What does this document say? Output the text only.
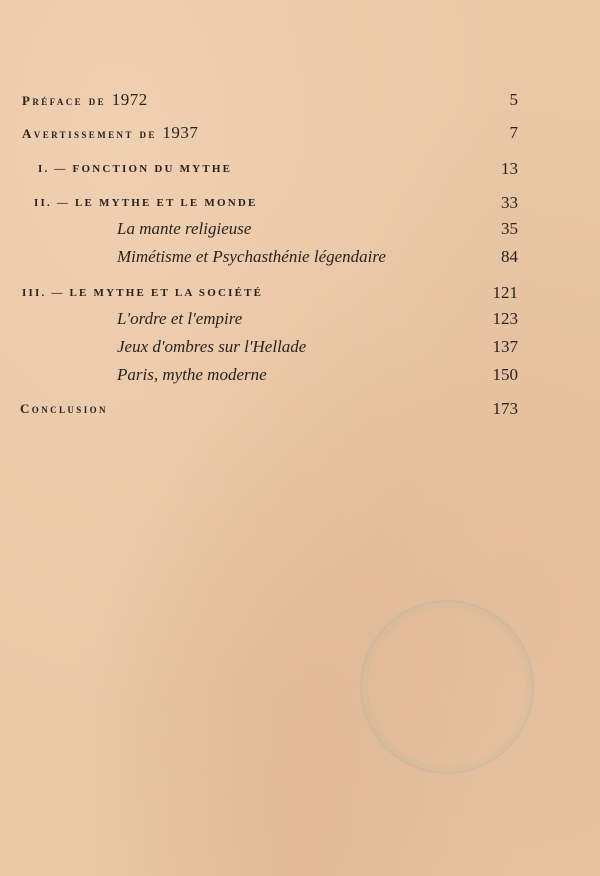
Préface de 1972	5
Avertissement de 1937	7
I. — FONCTION DU MYTHE	13
II. — LE MYTHE ET LE MONDE	33
La mante religieuse	35
Mimétisme et Psychasthénie légendaire	84
III. — LE MYTHE ET LA SOCIÉTÉ	121
L'ordre et l'empire	123
Jeux d'ombres sur l'Hellade	137
Paris, mythe moderne	150
Conclusion	173
